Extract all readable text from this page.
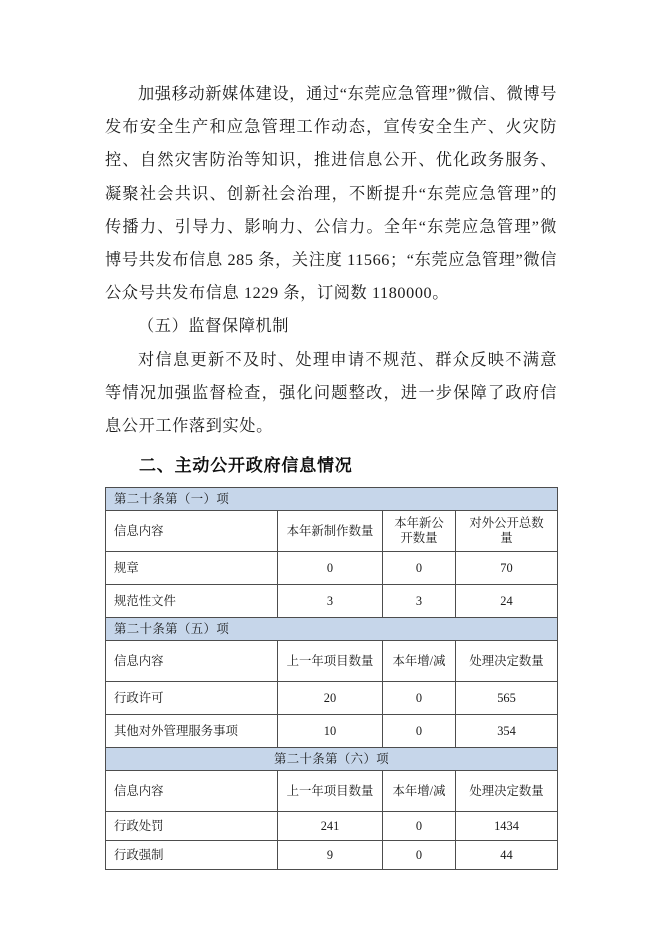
加强移动新媒体建设，通过“东莞应急管理”微信、微博号发布安全生产和应急管理工作动态，宣传安全生产、火灾防控、自然灾害防治等知识，推进信息公开、优化政务服务、凝聚社会共识、创新社会治理，不断提升“东莞应急管理”的传播力、引导力、影响力、公信力。全年“东莞应急管理”微博号共发布信息 285 条，关注度 11566；“东莞应急管理”微信公众号共发布信息 1229 条，订阅数 1180000。

（五）监督保障机制

对信息更新不及时、处理申请不规范、群众反映不满意等情况加强监督检查，强化问题整改，进一步保障了政府信息公开工作落到实处。

二、主动公开政府信息情况
第二十条第（一）项			
信息内容	本年新制作数量	本年新公开数量	对外公开总数量
规章	0	0	70
规范性文件	3	3	24
第二十条第（五）项			
信息内容	上一年项目数量	本年增/减	处理决定数量
行政许可	20	0	565
其他对外管理服务事项	10	0	354
第二十条第（六）项			
信息内容	上一年项目数量	本年增/减	处理决定数量
行政处罚	241	0	1434
行政强制	9	0	44
